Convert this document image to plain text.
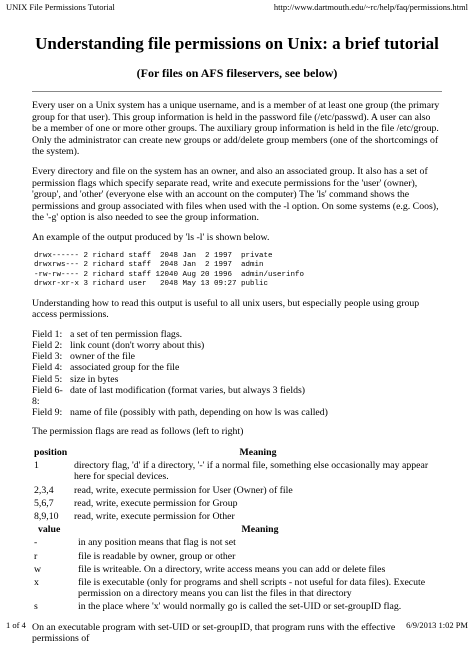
UNIX File Permissions Tutorial	http://www.dartmouth.edu/~rc/help/faq/permissions.html
Understanding file permissions on Unix: a brief tutorial
(For files on AFS fileservers, see below)

Every user on a Unix system has a unique username, and is a member of at least one group (the primary group for that user). This group information is held in the password file (/etc/passwd). A user can also be a member of one or more other groups. The auxiliary group information is held in the file /etc/group. Only the administrator can create new groups or add/delete group members (one of the shortcomings of the system).

Every directory and file on the system has an owner, and also an associated group. It also has a set of permission flags which specify separate read, write and execute permissions for the 'user' (owner), 'group', and 'other' (everyone else with an account on the computer) The 'ls' command shows the permissions and group associated with files when used with the -l option. On some systems (e.g. Coos), the '-g' option is also needed to see the group information.

An example of the output produced by 'ls -l' is shown below.

drwx------ 2 richard staff  2048 Jan  2 1997  private
drwxrws--- 2 richard staff  2048 Jan  2 1997  admin
-rw-rw---- 2 richard staff 12040 Aug 20 1996  admin/userinfo
drwxr-xr-x 3 richard user   2048 May 13 09:27 public

Understanding how to read this output is useful to all unix users, but especially people using group access permissions.

Field 1: a set of ten permission flags.
Field 2: link count (don't worry about this)
Field 3: owner of the file
Field 4: associated group for the file
Field 5: size in bytes
Field 6-8:
date of last modification (format varies, but always 3 fields)
Field 9: name of file (possibly with path, depending on how ls was called)

The permission flags are read as follows (left to right)

position	Meaning
1	directory flag, 'd' if a directory, '-' if a normal file, something else occasionally may appear here for special devices.
2,3,4	read, write, execute permission for User (Owner) of file
5,6,7	read, write, execute permission for Group
8,9,10	read, write, execute permission for Other
value	Meaning
-	in any position means that flag is not set
r	file is readable by owner, group or other
w	file is writeable. On a directory, write access means you can add or delete files
x	file is executable (only for programs and shell scripts - not useful for data files). Execute permission on a directory means you can list the files in that directory
s	in the place where 'x' would normally go is called the set-UID or set-groupID flag.

On an executable program with set-UID or set-groupID, that program runs with the effective permissions of

1 of 4	6/9/2013 1:02 PM
